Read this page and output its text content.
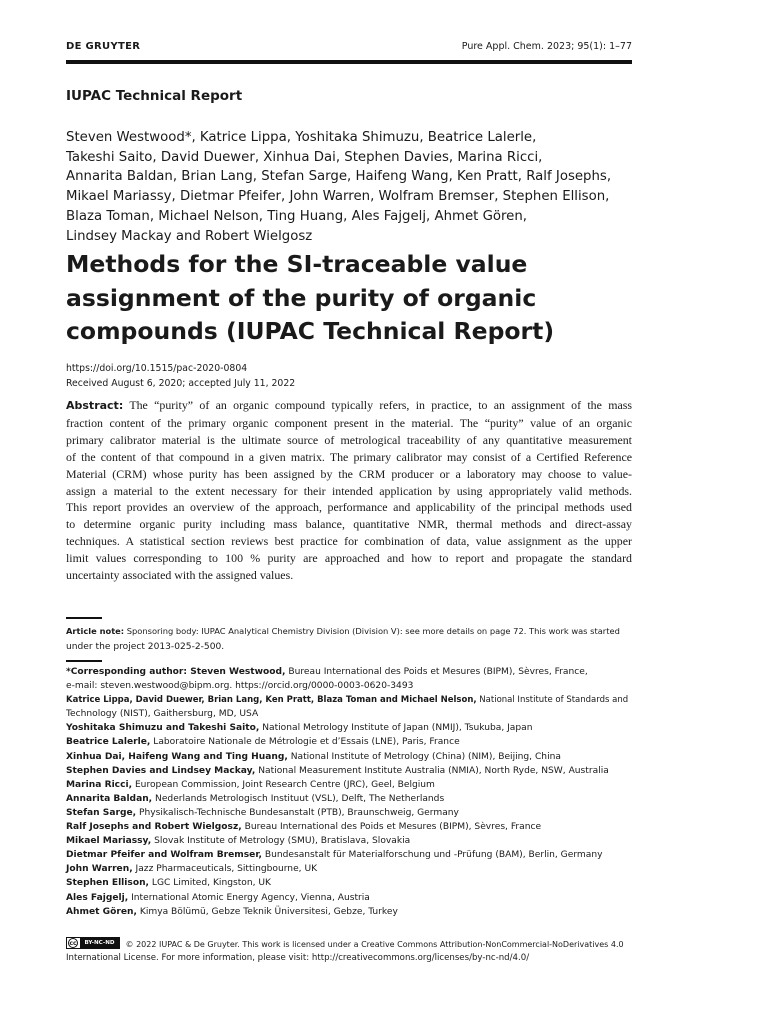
DE GRUYTER	Pure Appl. Chem. 2023; 95(1): 1–77
IUPAC Technical Report
Steven Westwood*, Katrice Lippa, Yoshitaka Shimuzu, Beatrice Lalerle,
Takeshi Saito, David Duewer, Xinhua Dai, Stephen Davies, Marina Ricci,
Annarita Baldan, Brian Lang, Stefan Sarge, Haifeng Wang, Ken Pratt, Ralf Josephs,
Mikael Mariassy, Dietmar Pfeifer, John Warren, Wolfram Bremser, Stephen Ellison,
Blaza Toman, Michael Nelson, Ting Huang, Ales Fajgelj, Ahmet Gören,
Lindsey Mackay and Robert Wielgosz
Methods for the SI-traceable value
assignment of the purity of organic
compounds (IUPAC Technical Report)
https://doi.org/10.1515/pac-2020-0804
Received August 6, 2020; accepted July 11, 2022
Abstract: The “purity” of an organic compound typically refers, in practice, to an assignment of the mass
fraction content of the primary organic component present in the material. The “purity” value of an organic
primary calibrator material is the ultimate source of metrological traceability of any quantitative measurement
of the content of that compound in a given matrix. The primary calibrator may consist of a Certified Reference
Material (CRM) whose purity has been assigned by the CRM producer or a laboratory may choose to value-
assign a material to the extent necessary for their intended application by using appropriately valid methods.
This report provides an overview of the approach, performance and applicability of the principal methods used
to determine organic purity including mass balance, quantitative NMR, thermal methods and direct-assay
techniques. A statistical section reviews best practice for combination of data, value assignment as the upper
limit values corresponding to 100 % purity are approached and how to report and propagate the standard
uncertainty associated with the assigned values.
Article note: Sponsoring body: IUPAC Analytical Chemistry Division (Division V): see more details on page 72. This work was started
under the project 2013-025-2-500.
*Corresponding author: Steven Westwood, Bureau International des Poids et Mesures (BIPM), Sèvres, France,
e-mail: steven.westwood@bipm.org. https://orcid.org/0000-0003-0620-3493
Katrice Lippa, David Duewer, Brian Lang, Ken Pratt, Blaza Toman and Michael Nelson, National Institute of Standards and
Technology (NIST), Gaithersburg, MD, USA
Yoshitaka Shimuzu and Takeshi Saito, National Metrology Institute of Japan (NMIJ), Tsukuba, Japan
Beatrice Lalerle, Laboratoire Nationale de Métrologie et d’Essais (LNE), Paris, France
Xinhua Dai, Haifeng Wang and Ting Huang, National Institute of Metrology (China) (NIM), Beijing, China
Stephen Davies and Lindsey Mackay, National Measurement Institute Australia (NMIA), North Ryde, NSW, Australia
Marina Ricci, European Commission, Joint Research Centre (JRC), Geel, Belgium
Annarita Baldan, Nederlands Metrologisch Instituut (VSL), Delft, The Netherlands
Stefan Sarge, Physikalisch-Technische Bundesanstalt (PTB), Braunschweig, Germany
Ralf Josephs and Robert Wielgosz, Bureau International des Poids et Mesures (BIPM), Sèvres, France
Mikael Mariassy, Slovak Institute of Metrology (SMU), Bratislava, Slovakia
Dietmar Pfeifer and Wolfram Bremser, Bundesanstalt für Materialforschung und -Prüfung (BAM), Berlin, Germany
John Warren, Jazz Pharmaceuticals, Sittingbourne, UK
Stephen Ellison, LGC Limited, Kingston, UK
Ales Fajgelj, International Atomic Energy Agency, Vienna, Austria
Ahmet Gören, Kimya Bölümü, Gebze Teknik Üniversitesi, Gebze, Turkey
cc	BY-NC-ND	© 2022 IUPAC & De Gruyter. This work is licensed under a Creative Commons Attribution-NonCommercial-NoDerivatives 4.0
International License. For more information, please visit: http://creativecommons.org/licenses/by-nc-nd/4.0/
